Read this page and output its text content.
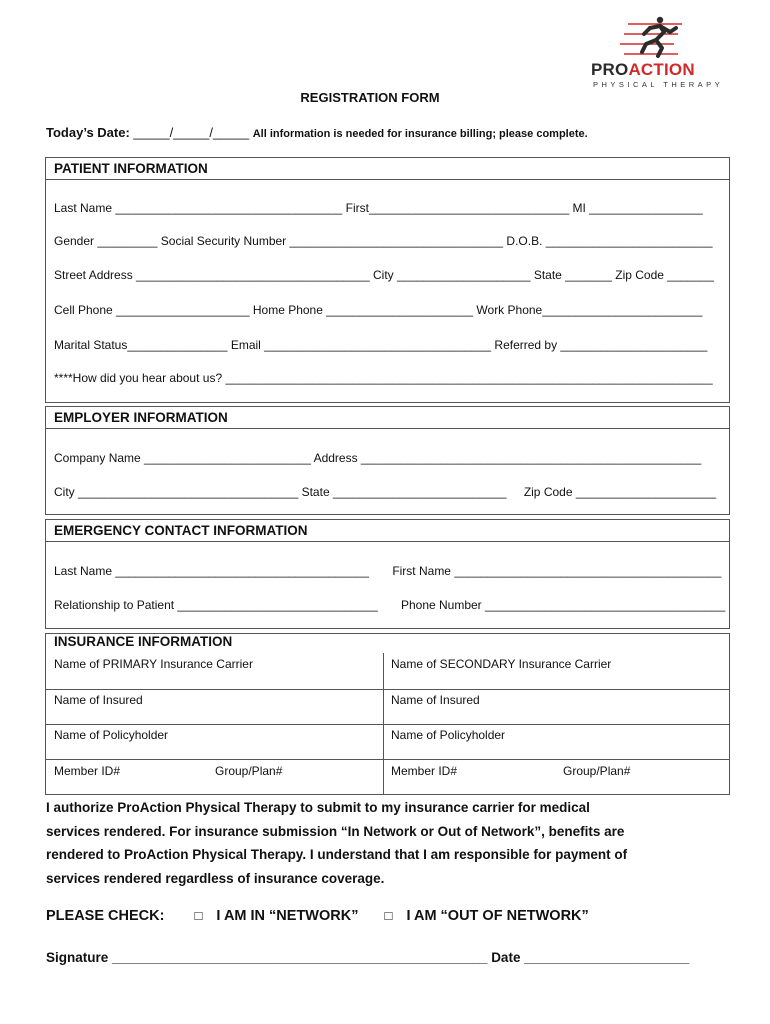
PROACTION
PHYSICAL THERAPY
REGISTRATION FORM
Today’s Date: _____/_____/_____ All information is needed for insurance billing; please complete.
PATIENT INFORMATION
Last Name __________________________________ First______________________________ MI _________________
Gender _________ Social Security Number ________________________________ D.O.B. _________________________
Street Address ___________________________________ City ____________________ State _______ Zip Code _______
Cell Phone ____________________ Home Phone ______________________ Work Phone________________________
Marital Status_______________ Email __________________________________ Referred by ______________________
****How did you hear about us? _________________________________________________________________________
EMPLOYER INFORMATION
Company Name _________________________ Address ___________________________________________________
City _________________________________ State __________________________ Zip Code _____________________
EMERGENCY CONTACT INFORMATION
Last Name ______________________________________ First Name ________________________________________
Relationship to Patient ______________________________ Phone Number ____________________________________
INSURANCE INFORMATION
Name of PRIMARY Insurance Carrier	Name of SECONDARY Insurance Carrier
Name of Insured	Name of Insured
Name of Policyholder	Name of Policyholder
Member ID#	Group/Plan#	Member ID#	Group/Plan#
I authorize ProAction Physical Therapy to submit to my insurance carrier for medical
services rendered. For insurance submission “In Network or Out of Network”, benefits are
rendered to ProAction Physical Therapy. I understand that I am responsible for payment of
services rendered regardless of insurance coverage.
PLEASE CHECK: □ I AM IN “NETWORK” □ I AM “OUT OF NETWORK”
Signature __________________________________________________ Date ______________________
